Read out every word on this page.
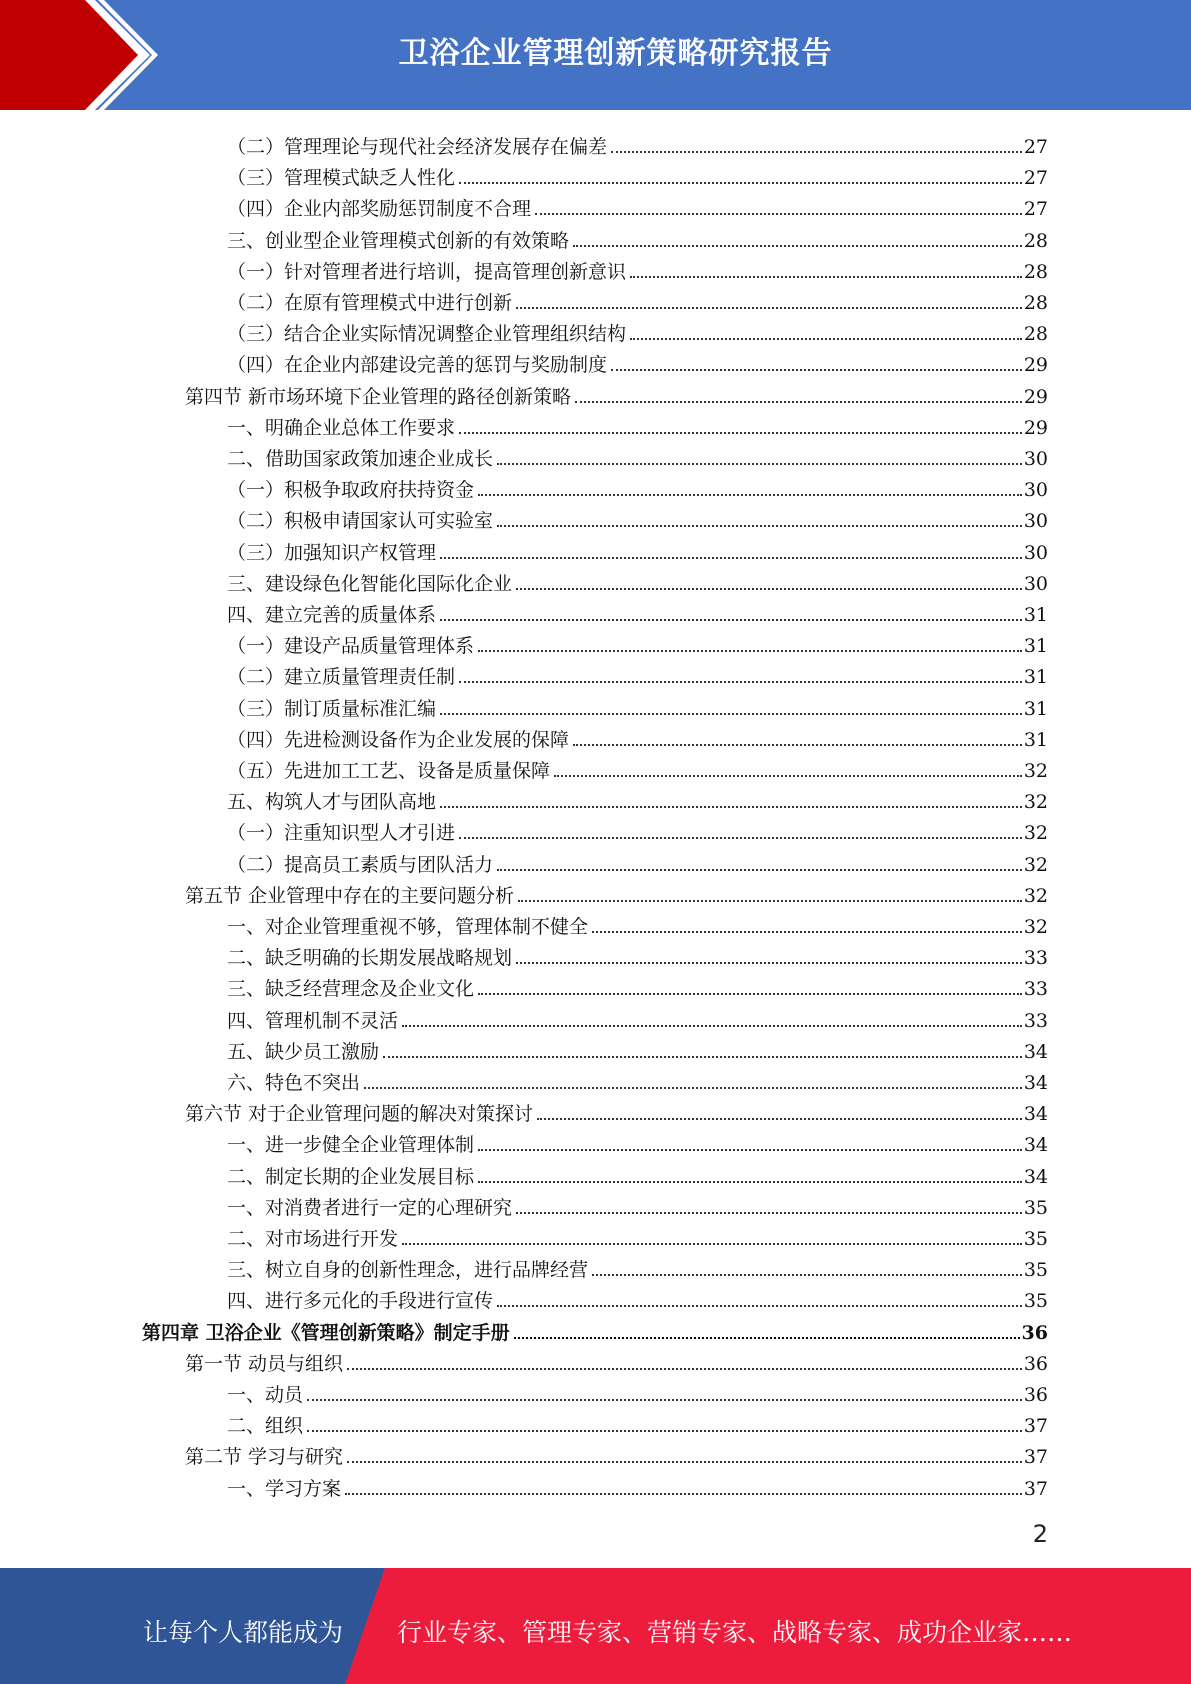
卫浴企业管理创新策略研究报告
（二）管理理论与现代社会经济发展存在偏差	27
（三）管理模式缺乏人性化	27
（四）企业内部奖励惩罚制度不合理	27
三、创业型企业管理模式创新的有效策略	28
（一）针对管理者进行培训，提高管理创新意识	28
（二）在原有管理模式中进行创新	28
（三）结合企业实际情况调整企业管理组织结构	28
（四）在企业内部建设完善的惩罚与奖励制度	29
第四节 新市场环境下企业管理的路径创新策略	29
一、明确企业总体工作要求	29
二、借助国家政策加速企业成长	30
（一）积极争取政府扶持资金	30
（二）积极申请国家认可实验室	30
（三）加强知识产权管理	30
三、建设绿色化智能化国际化企业	30
四、建立完善的质量体系	31
（一）建设产品质量管理体系	31
（二）建立质量管理责任制	31
（三）制订质量标准汇编	31
（四）先进检测设备作为企业发展的保障	31
（五）先进加工工艺、设备是质量保障	32
五、构筑人才与团队高地	32
（一）注重知识型人才引进	32
（二）提高员工素质与团队活力	32
第五节 企业管理中存在的主要问题分析	32
一、对企业管理重视不够，管理体制不健全	32
二、缺乏明确的长期发展战略规划	33
三、缺乏经营理念及企业文化	33
四、管理机制不灵活	33
五、缺少员工激励	34
六、特色不突出	34
第六节 对于企业管理问题的解决对策探讨	34
一、进一步健全企业管理体制	34
二、制定长期的企业发展目标	34
一、对消费者进行一定的心理研究	35
二、对市场进行开发	35
三、树立自身的创新性理念，进行品牌经营	35
四、进行多元化的手段进行宣传	35
第四章 卫浴企业《管理创新策略》制定手册	36
第一节 动员与组织	36
一、动员	36
二、组织	37
第二节 学习与研究	37
一、学习方案	37
2
让每个人都能成为 行业专家、管理专家、营销专家、战略专家、成功企业家……
